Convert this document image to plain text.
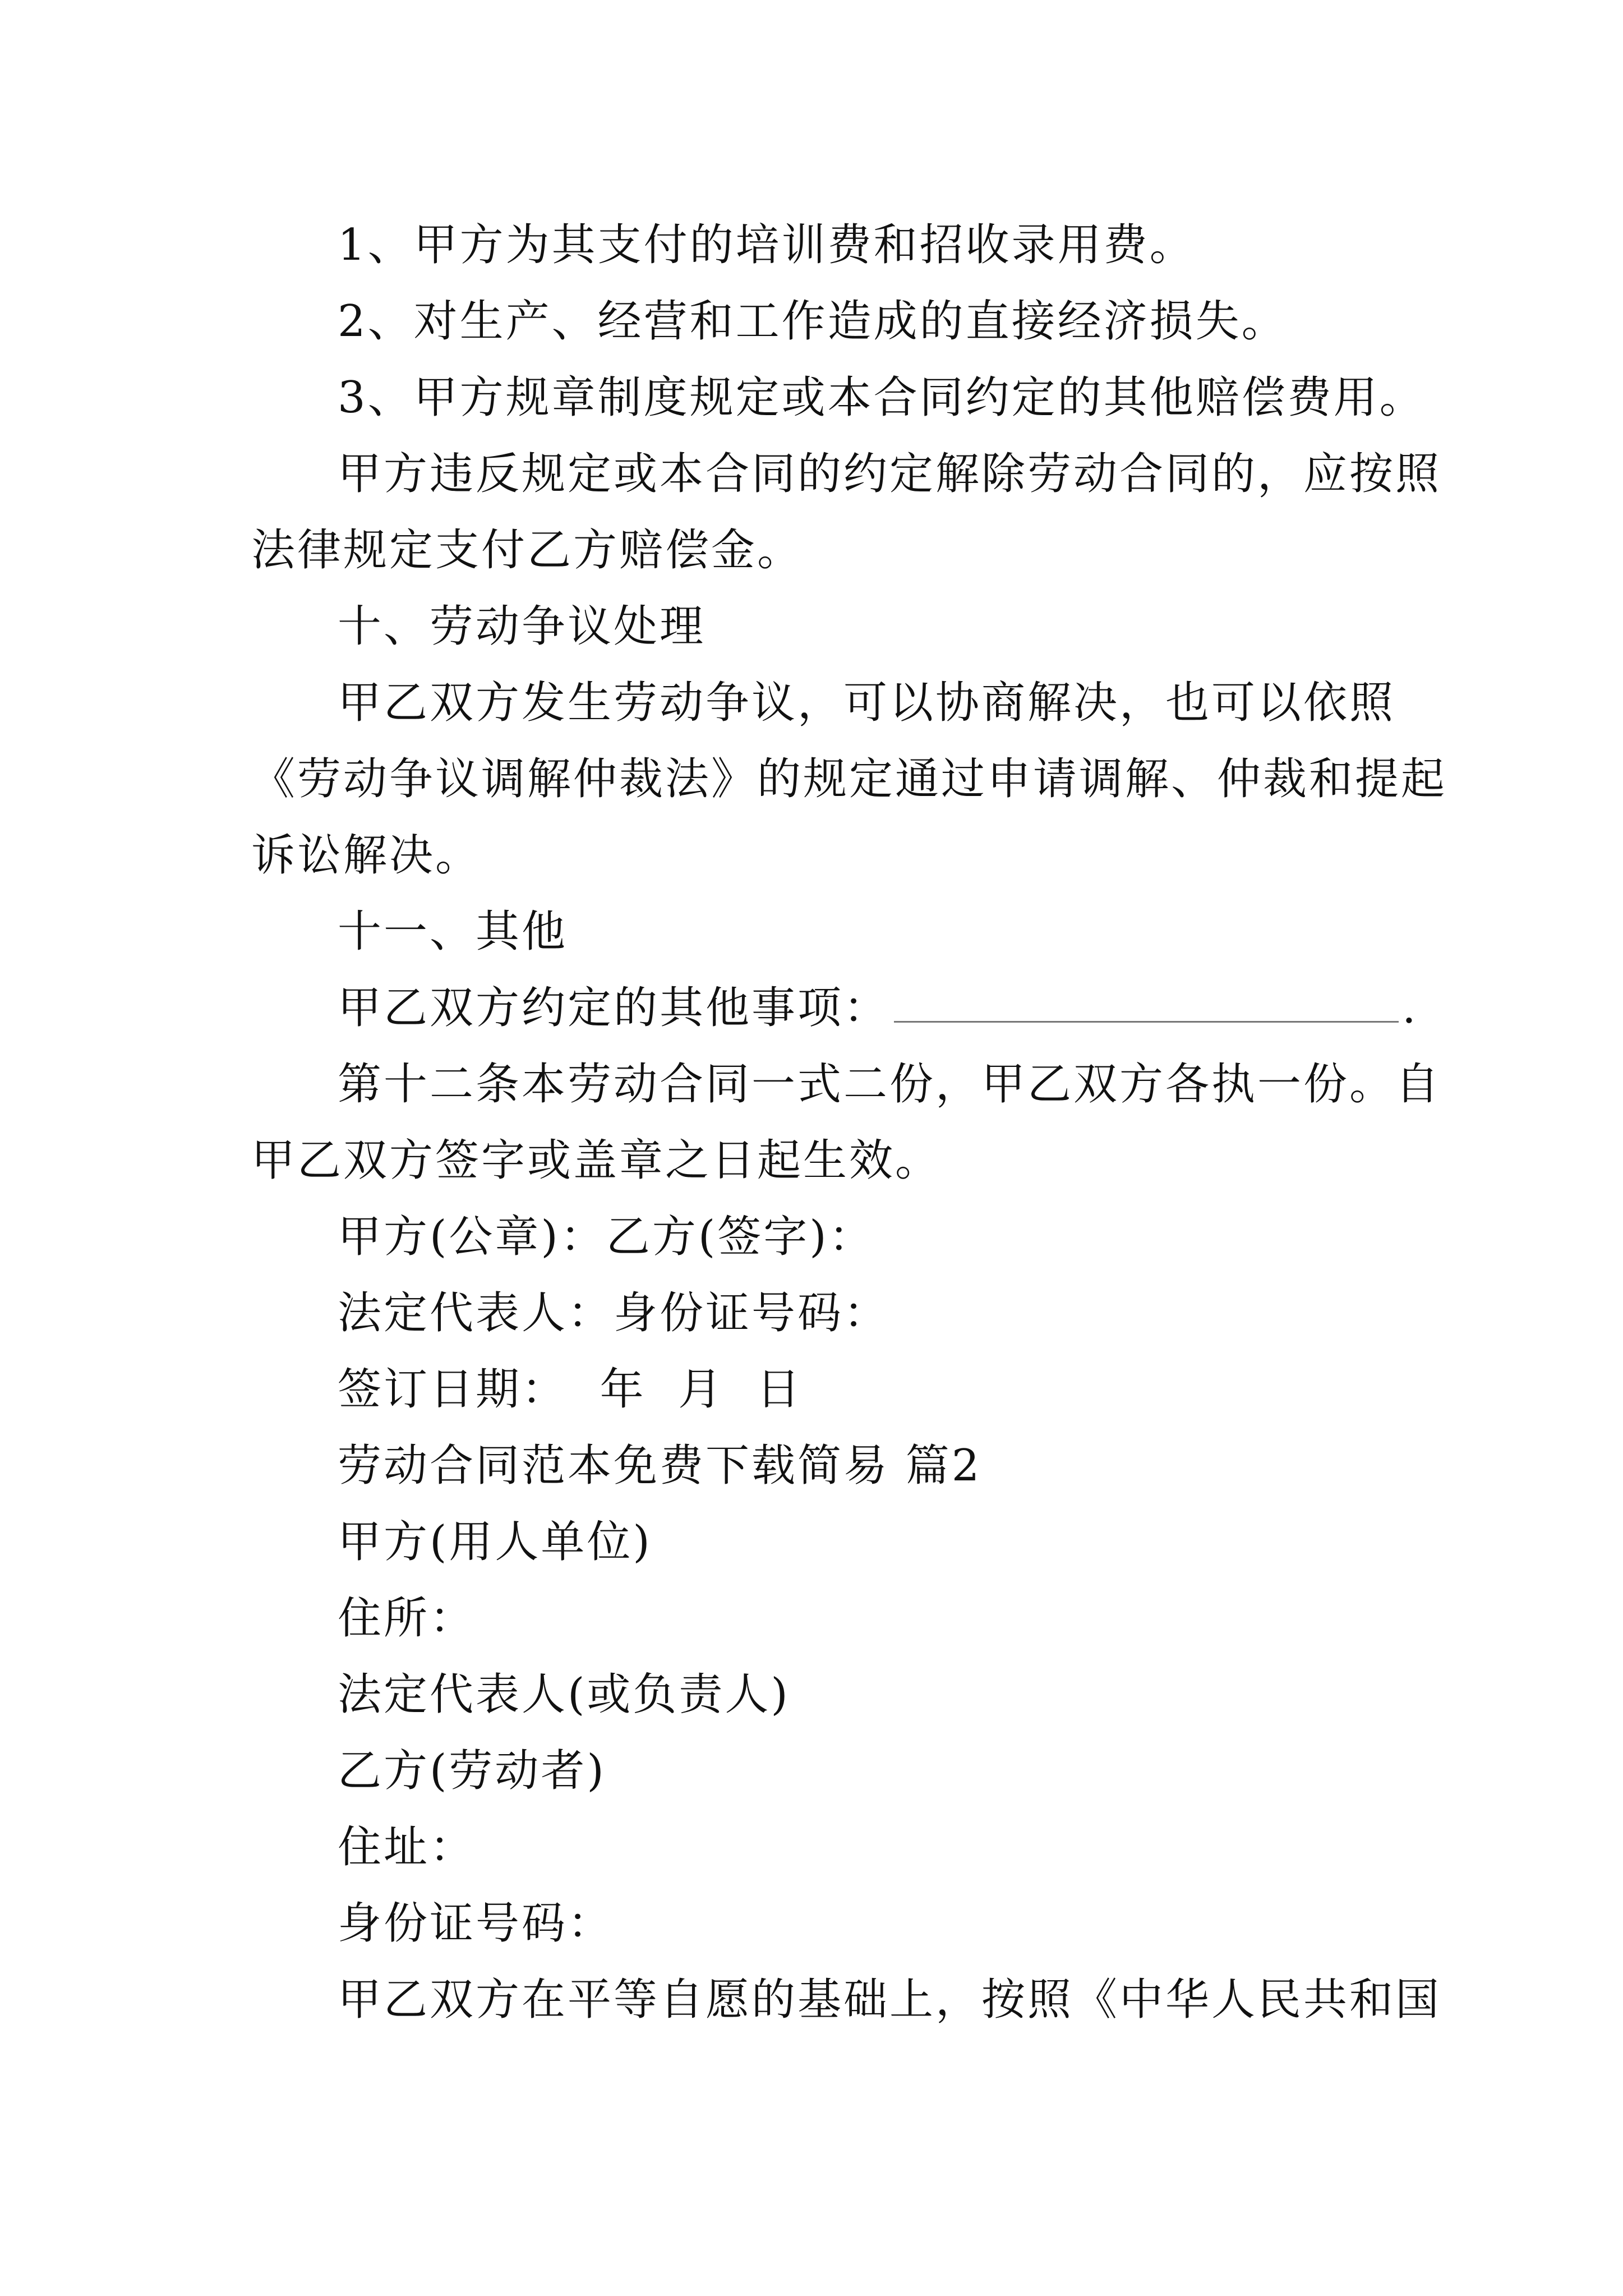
1、甲方为其支付的培训费和招收录用费。
2、对生产、经营和工作造成的直接经济损失。
3、甲方规章制度规定或本合同约定的其他赔偿费用。
甲方违反规定或本合同的约定解除劳动合同的，应按照
法律规定支付乙方赔偿金。
十、劳动争议处理
甲乙双方发生劳动争议，可以协商解决，也可以依照
《劳动争议调解仲裁法》的规定通过申请调解、仲裁和提起
诉讼解决。
十一、其他
甲乙双方约定的其他事项：	.
第十二条本劳动合同一式二份，甲乙双方各执一份。自
甲乙双方签字或盖章之日起生效。
甲方(公章)：乙方(签字)：
法定代表人：身份证号码：
签订日期：  年  月  日
劳动合同范本免费下载简易 篇2
甲方(用人单位)
住所：
法定代表人(或负责人)
乙方(劳动者)
住址：
身份证号码：
甲乙双方在平等自愿的基础上，按照《中华人民共和国
